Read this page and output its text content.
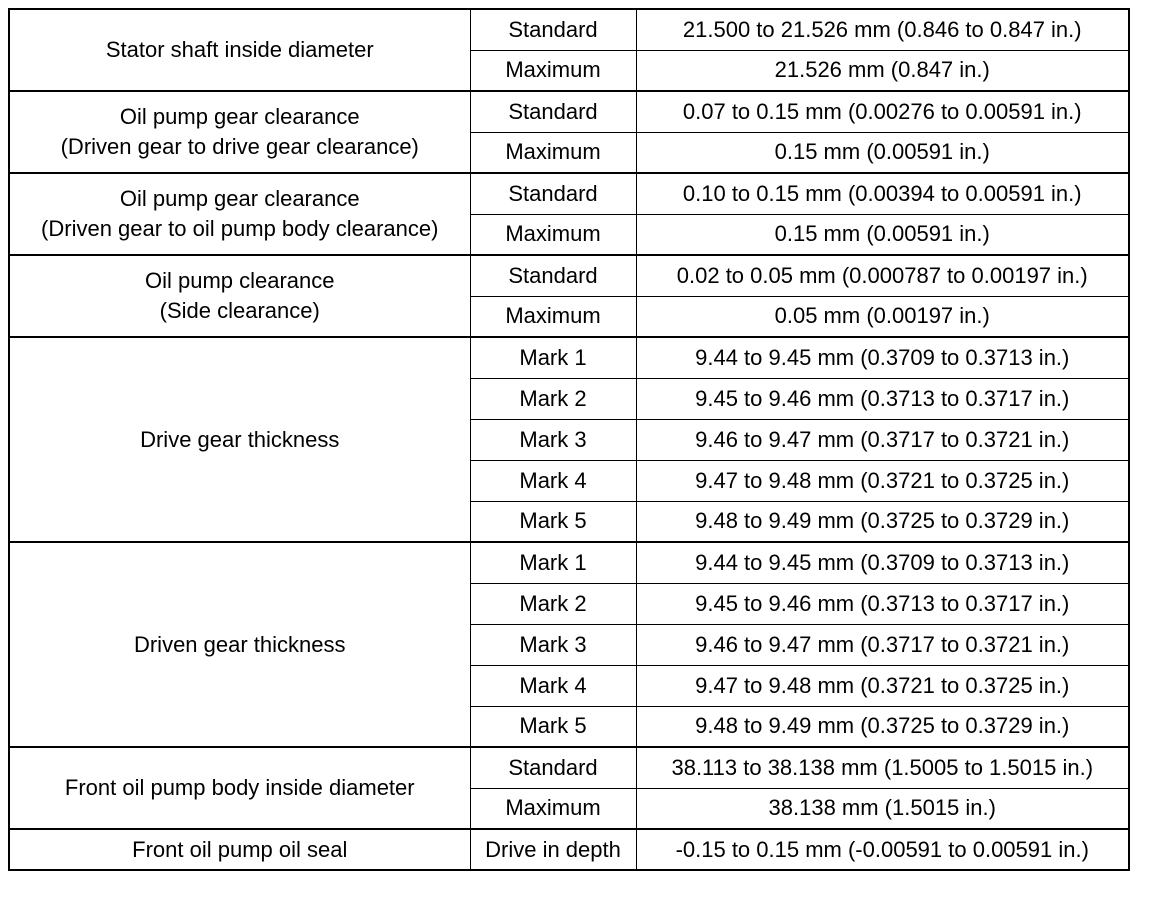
Stator shaft inside diameter	Standard	21.500 to 21.526 mm (0.846 to 0.847 in.)
	Maximum	21.526 mm (0.847 in.)

Oil pump gear clearance
(Driven gear to drive gear clearance)	Standard	0.07 to 0.15 mm (0.00276 to 0.00591 in.)
	Maximum	0.15 mm (0.00591 in.)

Oil pump gear clearance
(Driven gear to oil pump body clearance)	Standard	0.10 to 0.15 mm (0.00394 to 0.00591 in.)
	Maximum	0.15 mm (0.00591 in.)

Oil pump clearance
(Side clearance)	Standard	0.02 to 0.05 mm (0.000787 to 0.00197 in.)
	Maximum	0.05 mm (0.00197 in.)

Drive gear thickness	Mark 1	9.44 to 9.45 mm (0.3709 to 0.3713 in.)
	Mark 2	9.45 to 9.46 mm (0.3713 to 0.3717 in.)
	Mark 3	9.46 to 9.47 mm (0.3717 to 0.3721 in.)
	Mark 4	9.47 to 9.48 mm (0.3721 to 0.3725 in.)
	Mark 5	9.48 to 9.49 mm (0.3725 to 0.3729 in.)

Driven gear thickness	Mark 1	9.44 to 9.45 mm (0.3709 to 0.3713 in.)
	Mark 2	9.45 to 9.46 mm (0.3713 to 0.3717 in.)
	Mark 3	9.46 to 9.47 mm (0.3717 to 0.3721 in.)
	Mark 4	9.47 to 9.48 mm (0.3721 to 0.3725 in.)
	Mark 5	9.48 to 9.49 mm (0.3725 to 0.3729 in.)

Front oil pump body inside diameter	Standard	38.113 to 38.138 mm (1.5005 to 1.5015 in.)
	Maximum	38.138 mm (1.5015 in.)

Front oil pump oil seal	Drive in depth	-0.15 to 0.15 mm (-0.00591 to 0.00591 in.)
